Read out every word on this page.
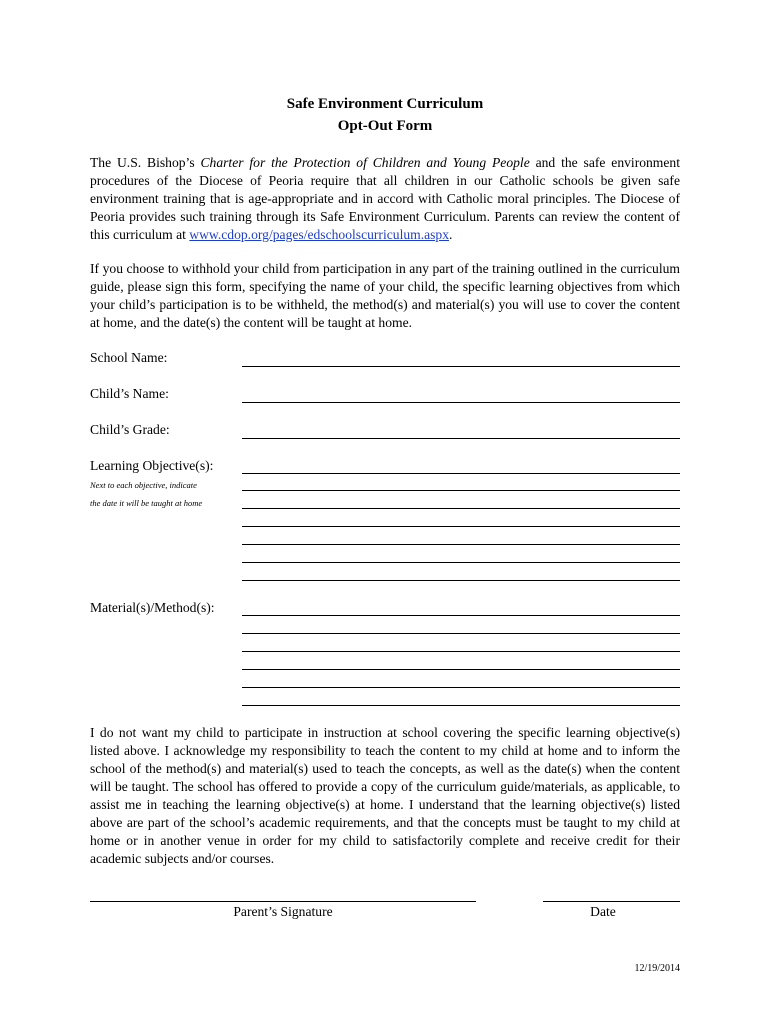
Safe Environment Curriculum
Opt-Out Form
The U.S. Bishop’s Charter for the Protection of Children and Young People and the safe environment procedures of the Diocese of Peoria require that all children in our Catholic schools be given safe environment training that is age-appropriate and in accord with Catholic moral principles. The Diocese of Peoria provides such training through its Safe Environment Curriculum. Parents can review the content of this curriculum at www.cdop.org/pages/edschoolscurriculum.aspx.
If you choose to withhold your child from participation in any part of the training outlined in the curriculum guide, please sign this form, specifying the name of your child, the specific learning objectives from which your child’s participation is to be withheld, the method(s) and material(s) you will use to cover the content at home, and the date(s) the content will be taught at home.
School Name:
Child’s Name:
Child’s Grade:
Learning Objective(s):
Next to each objective, indicate
the date it will be taught at home
Material(s)/Method(s):
I do not want my child to participate in instruction at school covering the specific learning objective(s) listed above. I acknowledge my responsibility to teach the content to my child at home and to inform the school of the method(s) and material(s) used to teach the concepts, as well as the date(s) when the content will be taught. The school has offered to provide a copy of the curriculum guide/materials, as applicable, to assist me in teaching the learning objective(s) at home. I understand that the learning objective(s) listed above are part of the school’s academic requirements, and that the concepts must be taught to my child at home or in another venue in order for my child to satisfactorily complete and receive credit for their academic subjects and/or courses.
Parent’s Signature	Date
12/19/2014
